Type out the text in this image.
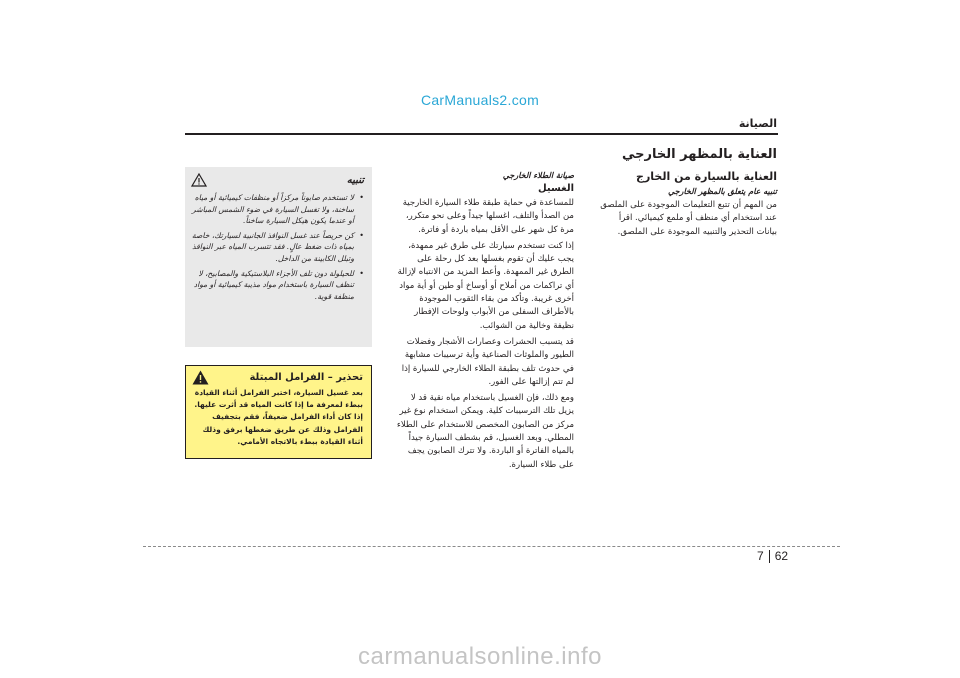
CarManuals2.com
الصيانة
العناية بالمظهر الخارجي
العناية بالسيارة من الخارج
تنبيه عام يتعلق بالمظهر الخارجي

من المهم أن تتبع التعليمات الموجودة على الملصق عند استخدام أي منظف أو ملمع كيميائي. اقرأ بيانات التحذير والتنبيه الموجودة على الملصق.

صيانة الطلاء الخارجي
الغسيل

للمساعدة في حماية طبقة طلاء السيارة الخارجية من الصدأ والتلف، اغسلها جيداً وعلى نحو متكرر، مرة كل شهر على الأقل بمياه باردة أو فاترة.

إذا كنت تستخدم سيارتك على طرق غير ممهدة، يجب عليك أن تقوم بغسلها بعد كل رحلة على الطرق غير الممهدة. وأعط المزيد من الانتباه لإزالة أي تراكمات من أملاح أو أوساخ أو طين أو أية مواد أخرى غريبة. وتأكد من بقاء الثقوب الموجودة بالأطراف السفلى من الأبواب ولوحات الإفطار نظيفة وخالية من الشوائب.

قد يتسبب الحشرات وعصارات الأشجار وفضلات الطيور والملوثات الصناعية وأية ترسيبات مشابهة في حدوث تلف بطبقة الطلاء الخارجي للسيارة إذا لم تتم إزالتها على الفور.

ومع ذلك، فإن الغسيل باستخدام مياه نقية قد لا يزيل تلك الترسيبات كلية. ويمكن استخدام نوع غير مركز من الصابون المخصص للاستخدام على الطلاء المطلي. وبعد الغسيل، قم بشطف السيارة جيداً بالمياه الفاترة أو الباردة. ولا تترك الصابون يجف على طلاء السيارة.

تنبيه
•
لا تستخدم صابوناً مركزاً أو منظفات كيميائية أو مياه ساخنة، ولا تغسل السيارة في ضوء الشمس المباشر أو عندما يكون هيكل السيارة ساخناً.
•
كن حريصاً عند غسل النوافذ الجانبية لسيارتك، خاصة بمياه ذات ضغط عالٍ. فقد تتسرب المياه عبر النوافذ وتبلل الكابينة من الداخل.
•
للحيلولة دون تلف الأجزاء البلاستيكية والمصابيح، لا تنظف السيارة باستخدام مواد مذيبة كيميائية أو مواد منظفة قوية.
تحذير – الفرامل المبتلة

بعد غسيل السيارة، اختبر الفرامل أثناء القيادة ببطء لمعرفة ما إذا كانت المياه قد أثرت عليها. إذا كان أداء الفرامل ضعيفاً، فقم بتجفيف الفرامل وذلك عن طريق ضغطها برفق وذلك أثناء القيادة ببطء بالاتجاه الأمامي.

7 62
carmanualsonline.info
